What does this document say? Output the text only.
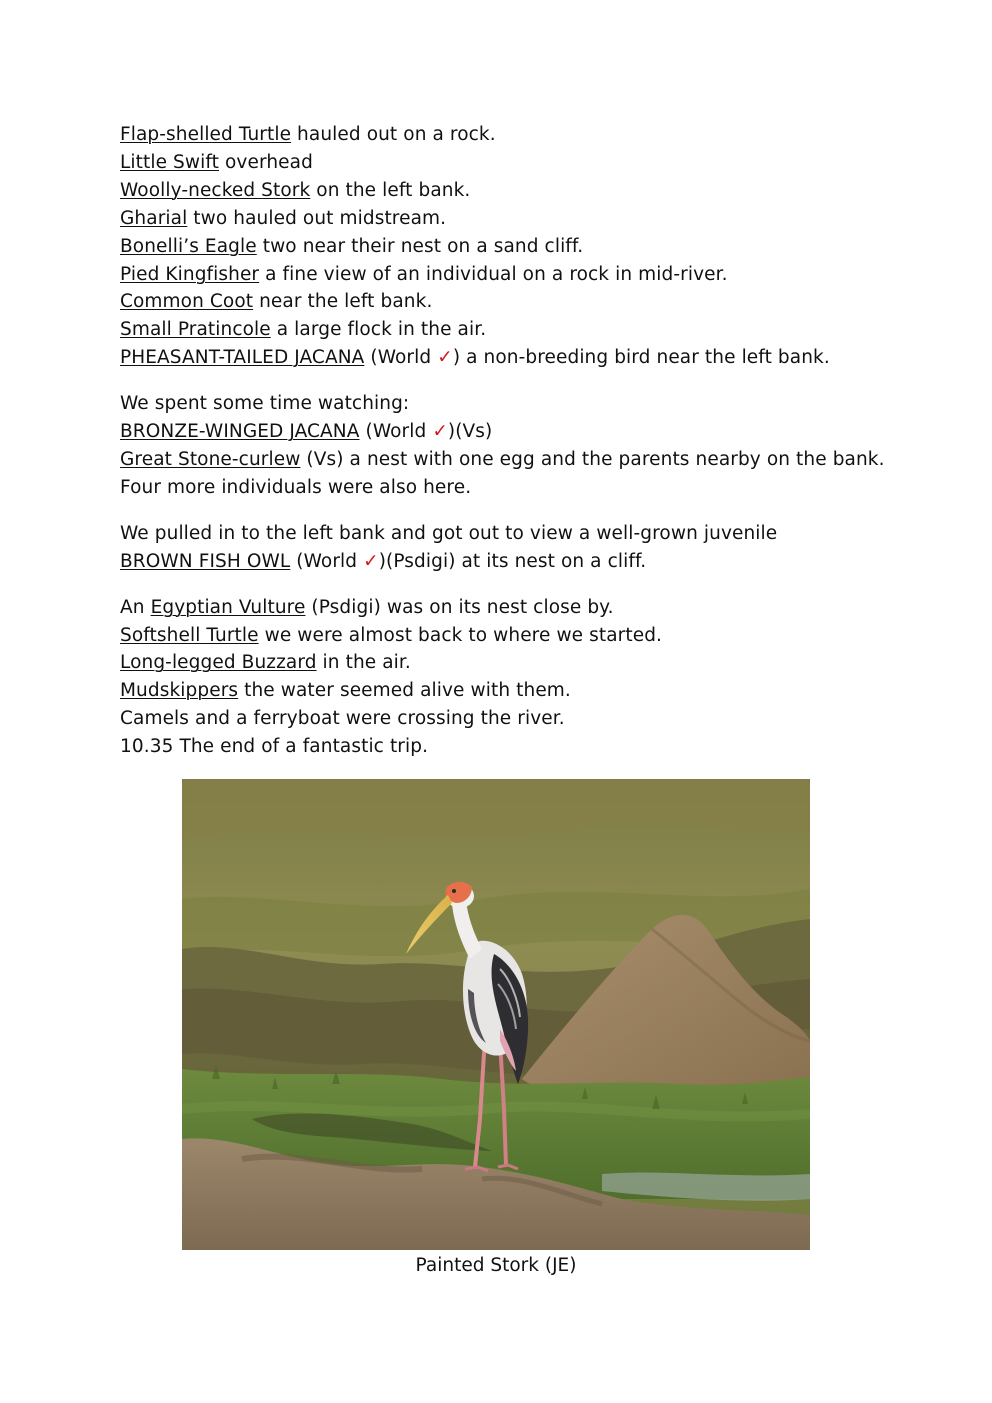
Flap-shelled Turtle hauled out on a rock.
Little Swift overhead
Woolly-necked Stork on the left bank.
Gharial two hauled out midstream.
Bonelli’s Eagle two near their nest on a sand cliff.
Pied Kingfisher a fine view of an individual on a rock in mid-river.
Common Coot near the left bank.
Small Pratincole a large flock in the air.
PHEASANT-TAILED JACANA (World ✓) a non-breeding bird near the left bank.
We spent some time watching:
BRONZE-WINGED JACANA (World ✓)(Vs)
Great Stone-curlew (Vs) a nest with one egg and the parents nearby on the bank.
Four more individuals were also here.
We pulled in to the left bank and got out to view a well-grown juvenile
BROWN FISH OWL (World ✓)(Psdigi) at its nest on a cliff.
An Egyptian Vulture (Psdigi) was on its nest close by.
Softshell Turtle we were almost back to where we started.
Long-legged Buzzard in the air.
Mudskippers the water seemed alive with them.
Camels and a ferryboat were crossing the river.
10.35 The end of a fantastic trip.
Painted Stork (JE)
